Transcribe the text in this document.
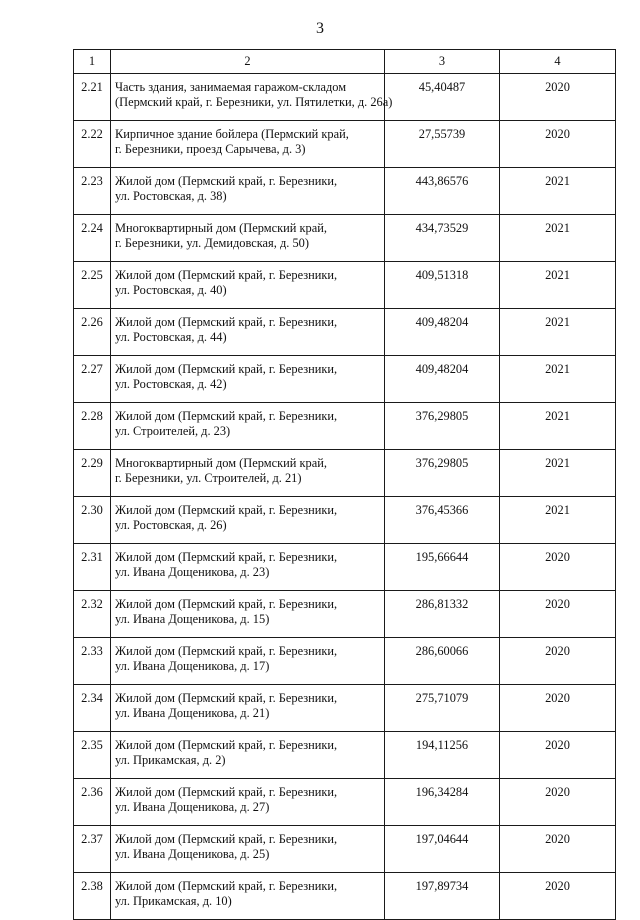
3
1	2	3	4
2.21	Часть здания, занимаемая гаражом-складом
(Пермский край, г. Березники, ул. Пятилетки, д. 26а)	45,40487	2020
2.22	Кирпичное здание бойлера (Пермский край,
г. Березники, проезд Сарычева, д. 3)	27,55739	2020
2.23	Жилой дом (Пермский край, г. Березники,
ул. Ростовская, д. 38)	443,86576	2021
2.24	Многоквартирный дом (Пермский край,
г. Березники, ул. Демидовская, д. 50)	434,73529	2021
2.25	Жилой дом (Пермский край, г. Березники,
ул. Ростовская, д. 40)	409,51318	2021
2.26	Жилой дом (Пермский край, г. Березники,
ул. Ростовская, д. 44)	409,48204	2021
2.27	Жилой дом (Пермский край, г. Березники,
ул. Ростовская, д. 42)	409,48204	2021
2.28	Жилой дом (Пермский край, г. Березники,
ул. Строителей, д. 23)	376,29805	2021
2.29	Многоквартирный дом (Пермский край,
г. Березники, ул. Строителей, д. 21)	376,29805	2021
2.30	Жилой дом (Пермский край, г. Березники,
ул. Ростовская, д. 26)	376,45366	2021
2.31	Жилой дом (Пермский край, г. Березники,
ул. Ивана Дощеникова, д. 23)	195,66644	2020
2.32	Жилой дом (Пермский край, г. Березники,
ул. Ивана Дощеникова, д. 15)	286,81332	2020
2.33	Жилой дом (Пермский край, г. Березники,
ул. Ивана Дощеникова, д. 17)	286,60066	2020
2.34	Жилой дом (Пермский край, г. Березники,
ул. Ивана Дощеникова, д. 21)	275,71079	2020
2.35	Жилой дом (Пермский край, г. Березники,
ул. Прикамская, д. 2)	194,11256	2020
2.36	Жилой дом (Пермский край, г. Березники,
ул. Ивана Дощеникова, д. 27)	196,34284	2020
2.37	Жилой дом (Пермский край, г. Березники,
ул. Ивана Дощеникова, д. 25)	197,04644	2020
2.38	Жилой дом (Пермский край, г. Березники,
ул. Прикамская, д. 10)	197,89734	2020
